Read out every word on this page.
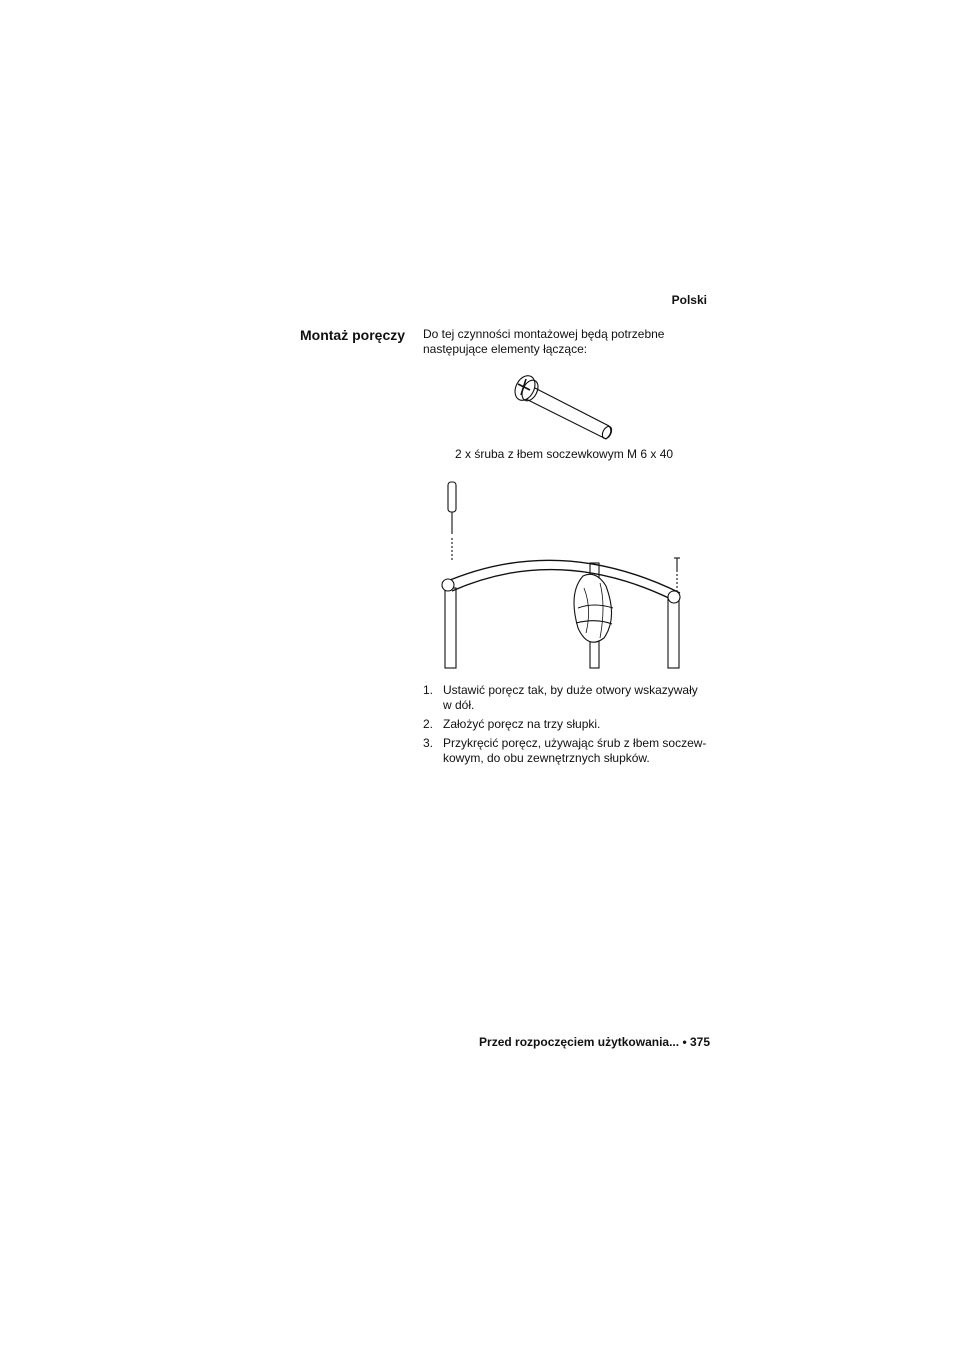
Polski
Montaż poręczy	Do tej czynności montażowej będą potrzebne następujące elementy łączące:

2 x śruba z łbem soczewkowym M 6 x 40

1. Ustawić poręcz tak, by duże otwory wskazywały w dół.
2. Założyć poręcz na trzy słupki.
3. Przykręcić poręcz, używając śrub z łbem soczew-kowym, do obu zewnętrznych słupków.
Przed rozpoczęciem użytkowania... • 375
